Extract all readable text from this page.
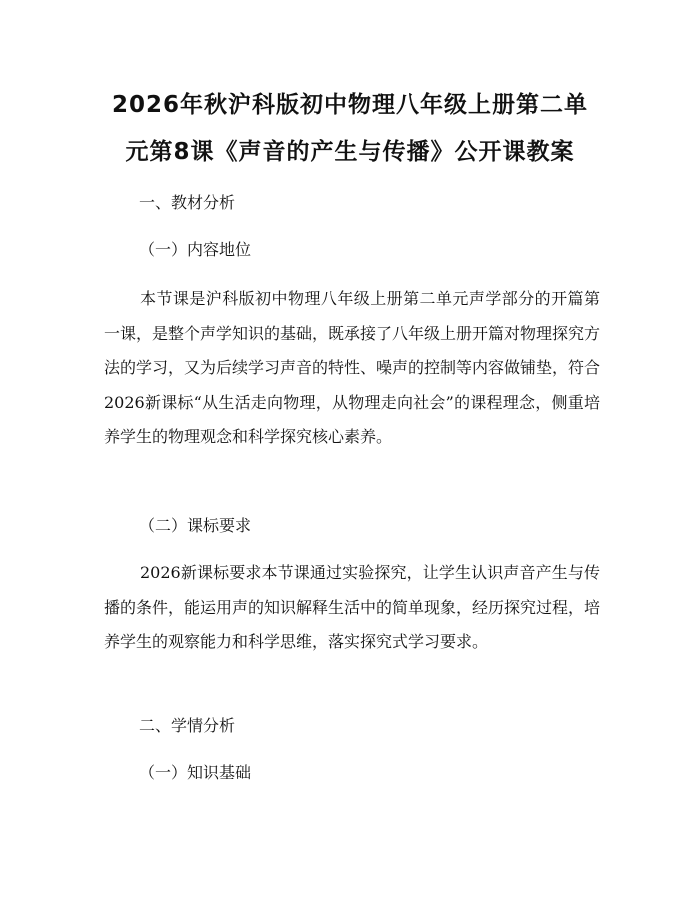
2026年秋沪科版初中物理八年级上册第二单
元第8课《声音的产生与传播》公开课教案
一、教材分析
（一）内容地位
本节课是沪科版初中物理八年级上册第二单元声学部分的开篇第一课，是整个声学知识的基础，既承接了八年级上册开篇对物理探究方法的学习，又为后续学习声音的特性、噪声的控制等内容做铺垫，符合2026新课标“从生活走向物理，从物理走向社会”的课程理念，侧重培养学生的物理观念和科学探究核心素养。
（二）课标要求
2026新课标要求本节课通过实验探究，让学生认识声音产生与传播的条件，能运用声的知识解释生活中的简单现象，经历探究过程，培养学生的观察能力和科学思维，落实探究式学习要求。
二、学情分析
（一）知识基础
